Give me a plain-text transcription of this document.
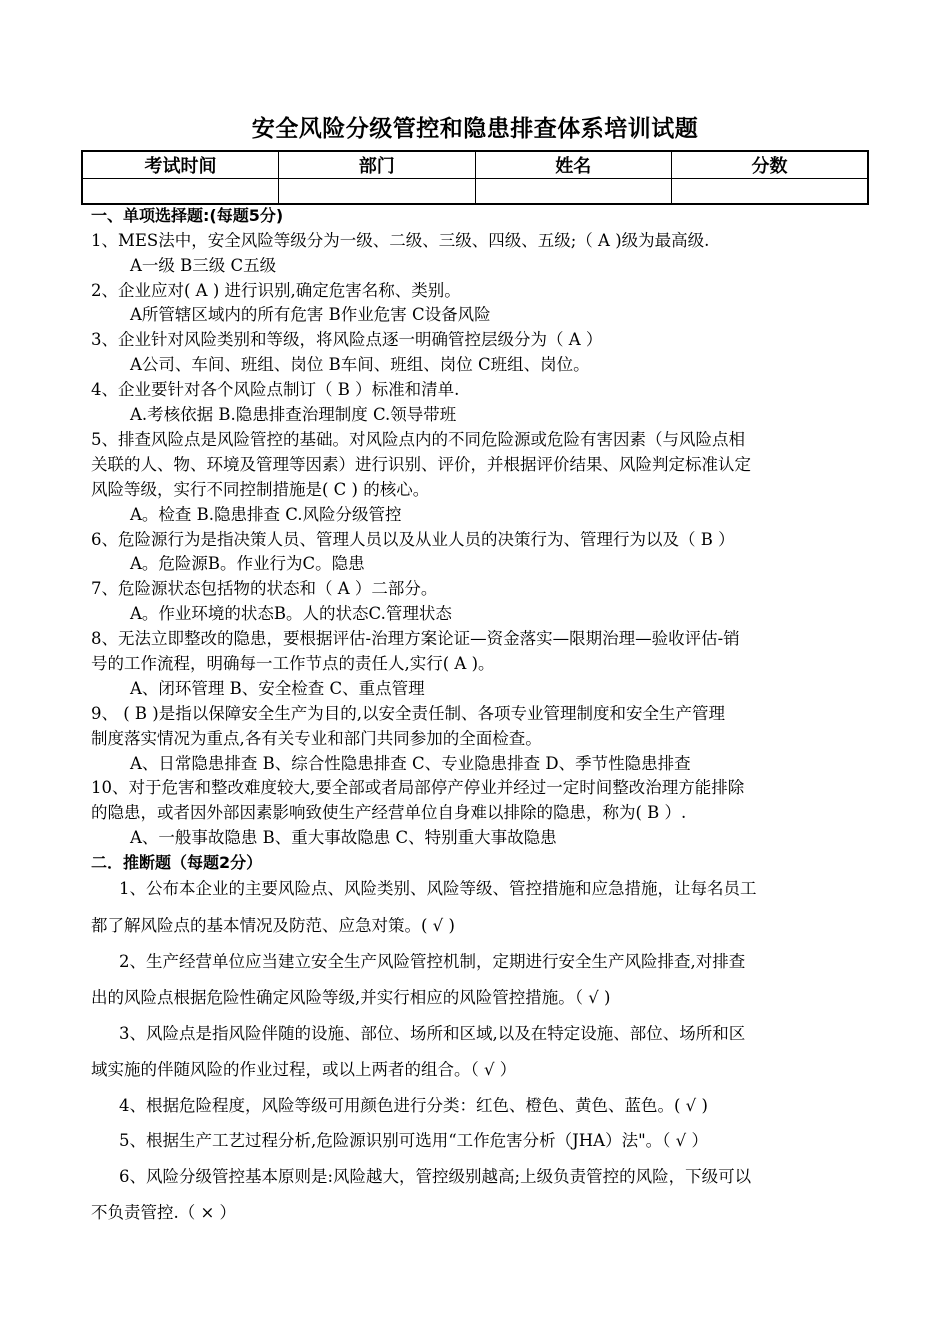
安全风险分级管控和隐患排查体系培训试题
考试时间	部门	姓名	分数

一、单项选择题:(每题5分)
1、MES法中，安全风险等级分为一级、二级、三级、四级、五级;（ A )级为最高级.
A一级 B三级 C五级
2、企业应对( A ) 进行识别,确定危害名称、类别。
A所管辖区域内的所有危害 B作业危害 C设备风险
3、企业针对风险类别和等级，将风险点逐一明确管控层级分为（ A ）
A公司、车间、班组、岗位 B车间、班组、岗位 C班组、岗位。
4、企业要针对各个风险点制订（ B ）标准和清单.
A.考核依据 B.隐患排查治理制度 C.领导带班
5、排查风险点是风险管控的基础。对风险点内的不同危险源或危险有害因素（与风险点相
关联的人、物、环境及管理等因素）进行识别、评价，并根据评价结果、风险判定标准认定
风险等级，实行不同控制措施是( C ) 的核心。
A。检查 B.隐患排查 C.风险分级管控
6、危险源行为是指决策人员、管理人员以及从业人员的决策行为、管理行为以及（ B ）
A。危险源B。作业行为C。隐患
7、危险源状态包括物的状态和（ A ）二部分。
A。作业环境的状态B。人的状态C.管理状态
8、无法立即整改的隐患，要根据评估-治理方案论证—资金落实—限期治理—验收评估-销
号的工作流程，明确每一工作节点的责任人,实行( A )。
A、闭环管理 B、安全检查 C、重点管理
9、 ( B )是指以保障安全生产为目的,以安全责任制、各项专业管理制度和安全生产管理
制度落实情况为重点,各有关专业和部门共同参加的全面检查。
A、日常隐患排查 B、综合性隐患排查 C、专业隐患排查 D、季节性隐患排查
10、对于危害和整改难度较大,要全部或者局部停产停业并经过一定时间整改治理方能排除
的隐患，或者因外部因素影响致使生产经营单位自身难以排除的隐患，称为( B ）.
A、一般事故隐患 B、重大事故隐患 C、特别重大事故隐患
二．推断题（每题2分）
1、公布本企业的主要风险点、风险类别、风险等级、管控措施和应急措施，让每名员工
都了解风险点的基本情况及防范、应急对策。( √ )
2、生产经营单位应当建立安全生产风险管控机制，定期进行安全生产风险排查,对排查
出的风险点根据危险性确定风险等级,并实行相应的风险管控措施。（ √ )
3、风险点是指风险伴随的设施、部位、场所和区域,以及在特定设施、部位、场所和区
域实施的伴随风险的作业过程，或以上两者的组合。（ √ ）
4、根据危险程度，风险等级可用颜色进行分类：红色、橙色、黄色、蓝色。( √ )
5、根据生产工艺过程分析,危险源识别可选用“工作危害分析（JHA）法"。（ √ ）
6、风险分级管控基本原则是:风险越大，管控级别越高;上级负责管控的风险，下级可以
不负责管控.（ × ）
